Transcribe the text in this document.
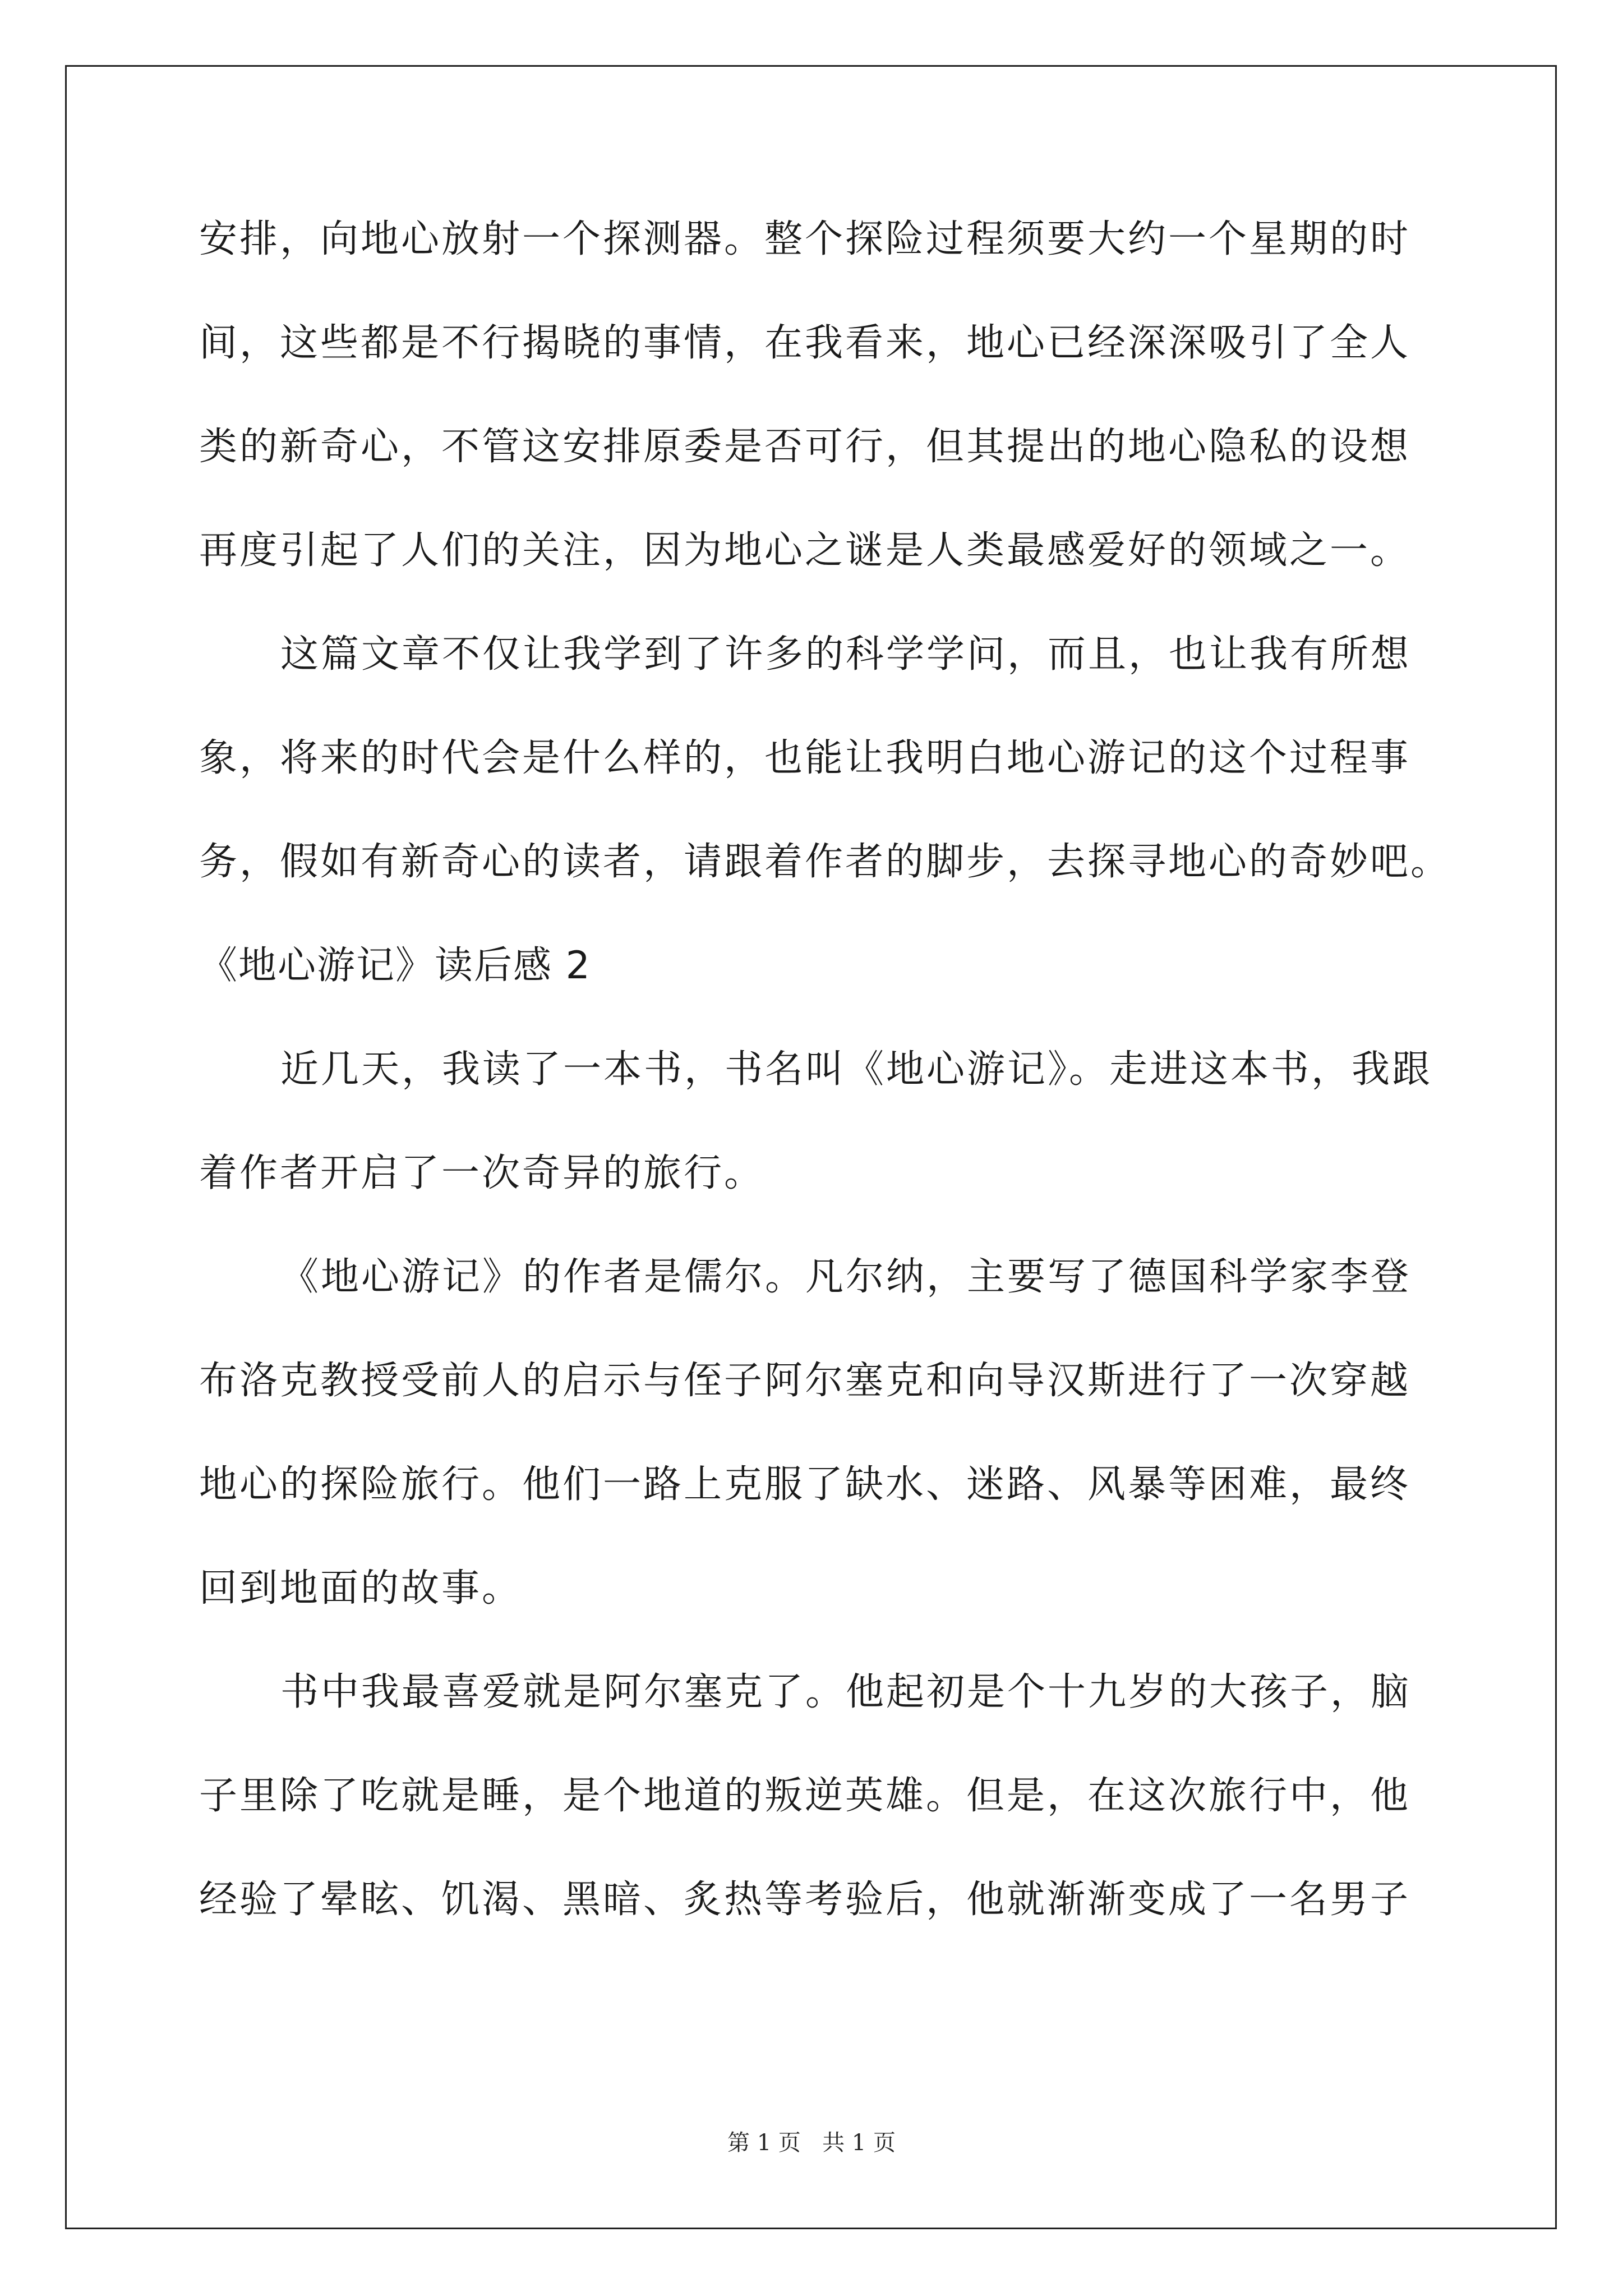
安排，向地心放射一个探测器。整个探险过程须要大约一个星期的时
间，这些都是不行揭晓的事情，在我看来，地心已经深深吸引了全人
类的新奇心，不管这安排原委是否可行，但其提出的地心隐私的设想
再度引起了人们的关注，因为地心之谜是人类最感爱好的领域之一。
这篇文章不仅让我学到了许多的科学学问，而且，也让我有所想
象，将来的时代会是什么样的，也能让我明白地心游记的这个过程事
务，假如有新奇心的读者，请跟着作者的脚步，去探寻地心的奇妙吧。
《地心游记》读后感 2
近几天，我读了一本书，书名叫《地心游记》。走进这本书，我跟
着作者开启了一次奇异的旅行。
《地心游记》的作者是儒尔。凡尔纳，主要写了德国科学家李登
布洛克教授受前人的启示与侄子阿尔塞克和向导汉斯进行了一次穿越
地心的探险旅行。他们一路上克服了缺水、迷路、风暴等困难，最终
回到地面的故事。
书中我最喜爱就是阿尔塞克了。他起初是个十九岁的大孩子，脑
子里除了吃就是睡，是个地道的叛逆英雄。但是，在这次旅行中，他
经验了晕眩、饥渴、黑暗、炙热等考验后，他就渐渐变成了一名男子
第 1 页   共 1 页
